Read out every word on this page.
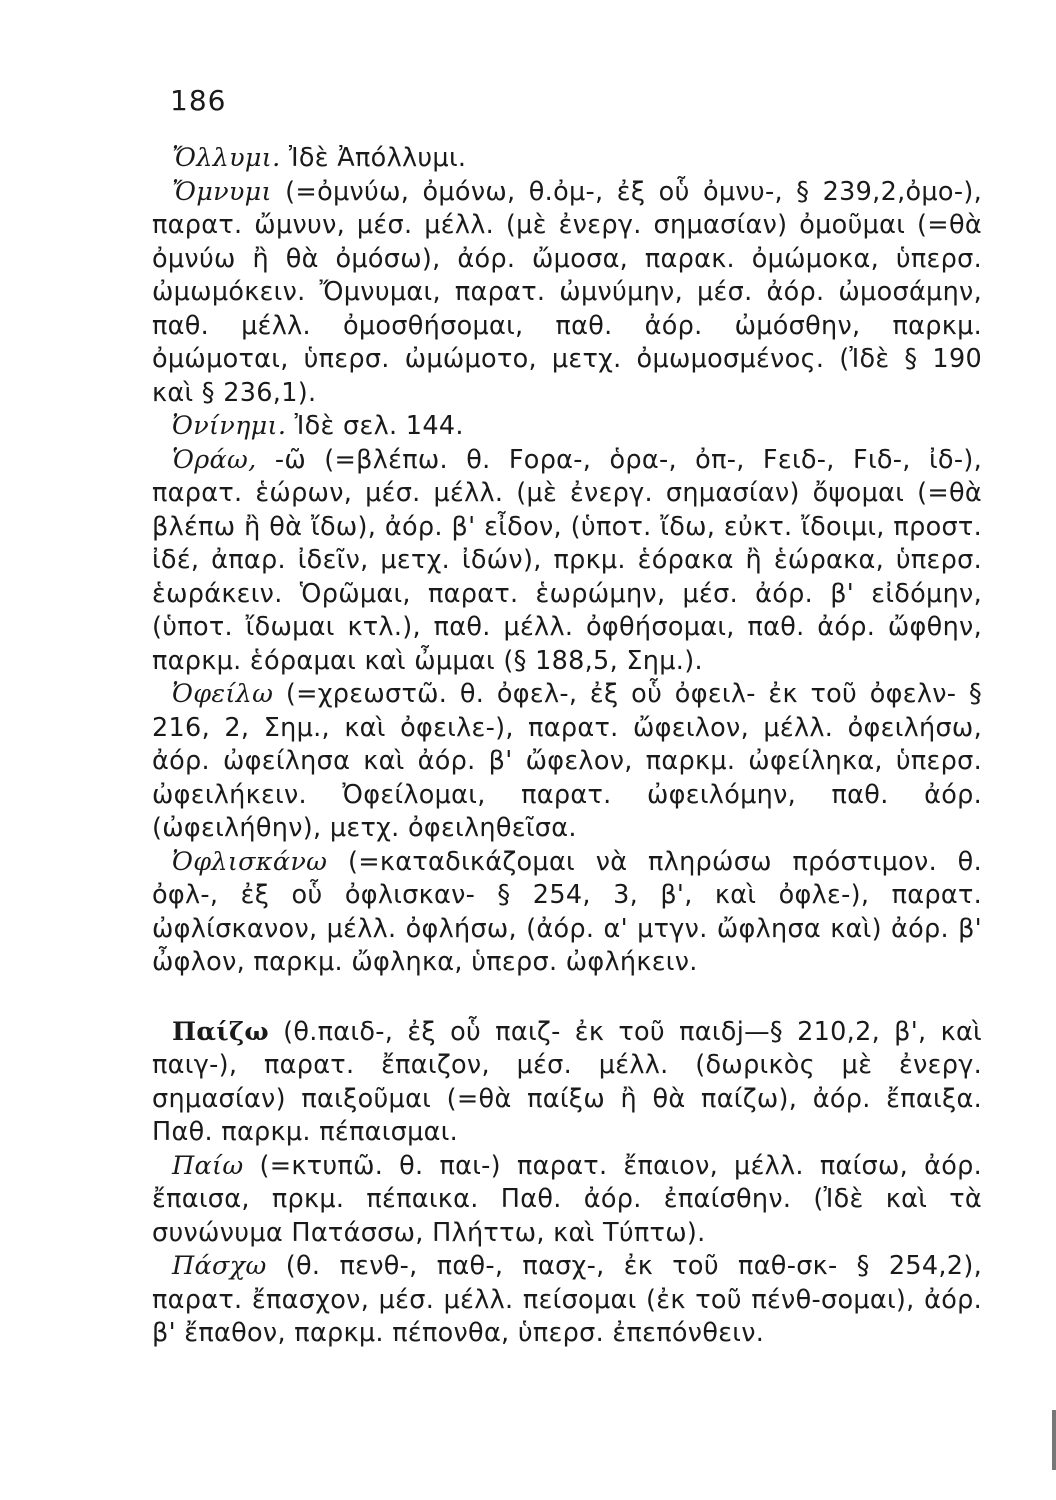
186

Ὄλλυμι. Ἰδὲ Ἀπόλλυμι.

Ὄμνυμι (=ὀμνύω, ὀμόνω, θ.ὀμ-, ἐξ οὗ ὀμνυ-, § 239,2,ὀμο-), παρατ. ὤμνυν, μέσ. μέλλ. (μὲ ἐνεργ. σημασίαν) ὀμοῦμαι (=θὰ ὀμνύω ἢ θὰ ὀμόσω), ἀόρ. ὤμοσα, παρακ. ὀμώμοκα, ὑπερσ. ὠμωμόκειν. Ὄμνυμαι, παρατ. ὠμνύμην, μέσ. ἀόρ. ὠμοσάμην, παθ. μέλλ. ὀμοσθήσομαι, παθ. ἀόρ. ὠμόσθην, παρκμ. ὀμώμοται, ὑπερσ. ὠμώμοτο, μετχ. ὀμωμοσμένος. (Ἰδὲ § 190 καὶ § 236,1).

Ὀνίνημι. Ἰδὲ σελ. 144.

Ὁράω, -ῶ (=βλέπω. θ. Ϝορα-, ὁρα-, ὀπ-, Ϝειδ-, Ϝιδ-, ἰδ-), παρατ. ἑώρων, μέσ. μέλλ. (μὲ ἐνεργ. σημασίαν) ὄψομαι (=θὰ βλέπω ἢ θὰ ἴδω), ἀόρ. β' εἶδον, (ὑποτ. ἴδω, εὐκτ. ἴδοιμι, προστ. ἰδέ, ἀπαρ. ἰδεῖν, μετχ. ἰδών), πρκμ. ἑόρακα ἢ ἑώρακα, ὑπερσ. ἑωράκειν. Ὁρῶμαι, παρατ. ἑωρώμην, μέσ. ἀόρ. β' εἰδόμην, (ὑποτ. ἴδωμαι κτλ.), παθ. μέλλ. ὀφθήσομαι, παθ. ἀόρ. ὤφθην, παρκμ. ἑόραμαι καὶ ὦμμαι (§ 188,5, Σημ.).

Ὀφείλω (=χρεωστῶ. θ. ὀφελ-, ἐξ οὗ ὀφειλ- ἐκ τοῦ ὀφελν- § 216, 2, Σημ., καὶ ὀφειλε-), παρατ. ὤφειλον, μέλλ. ὀφειλήσω, ἀόρ. ὠφείλησα καὶ ἀόρ. β' ὤφελον, παρκμ. ὠφείληκα, ὑπερσ. ὠφειλήκειν. Ὀφείλομαι, παρατ. ὠφειλόμην, παθ. ἀόρ. (ὠφειλήθην), μετχ. ὀφειληθεῖσα.

Ὀφλισκάνω (=καταδικάζομαι νὰ πληρώσω πρόστιμον. θ. ὀφλ-, ἐξ οὗ ὀφλισκαν- § 254, 3, β', καὶ ὀφλε-), παρατ. ὠφλίσκανον, μέλλ. ὀφλήσω, (ἀόρ. α' μτγν. ὤφλησα καὶ) ἀόρ. β' ὦφλον, παρκμ. ὤφληκα, ὑπερσ. ὠφλήκειν.

Παίζω (θ.παιδ-, ἐξ οὗ παιζ- ἐκ τοῦ παιδj—§ 210,2, β', καὶ παιγ-), παρατ. ἔπαιζον, μέσ. μέλλ. (δωρικὸς μὲ ἐνεργ. σημασίαν) παιξοῦμαι (=θὰ παίξω ἢ θὰ παίζω), ἀόρ. ἔπαιξα. Παθ. παρκμ. πέπαισμαι.

Παίω (=κτυπῶ. θ. παι-) παρατ. ἔπαιον, μέλλ. παίσω, ἀόρ. ἔπαισα, πρκμ. πέπαικα. Παθ. ἀόρ. ἐπαίσθην. (Ἰδὲ καὶ τὰ συνώνυμα Πατάσσω, Πλήττω, καὶ Τύπτω).

Πάσχω (θ. πενθ-, παθ-, πασχ-, ἐκ τοῦ παθ-σκ- § 254,2), παρατ. ἔπασχον, μέσ. μέλλ. πείσομαι (ἐκ τοῦ πένθ-σομαι), ἀόρ. β' ἔπαθον, παρκμ. πέπονθα, ὑπερσ. ἐπεπόνθειν.
